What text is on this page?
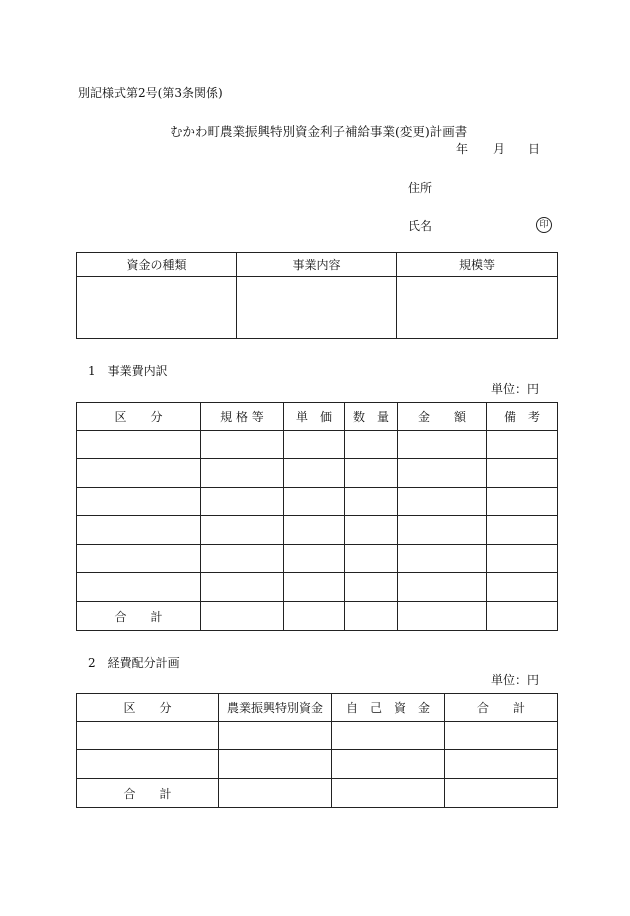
別記様式第2号(第3条関係)
むかわ町農業振興特別資金利子補給事業(変更)計画書
年 月 日
住所
氏名	印
資金の種類	事業内容	規模等

1　事業費内訳
単位：円
区　　分	規 格 等	単　価	数　量	金　　額	備　考

合　　計					
2　経費配分計画
単位：円
区　　分	農業振興特別資金	自　己　資　金	合　　計

合　　計			
